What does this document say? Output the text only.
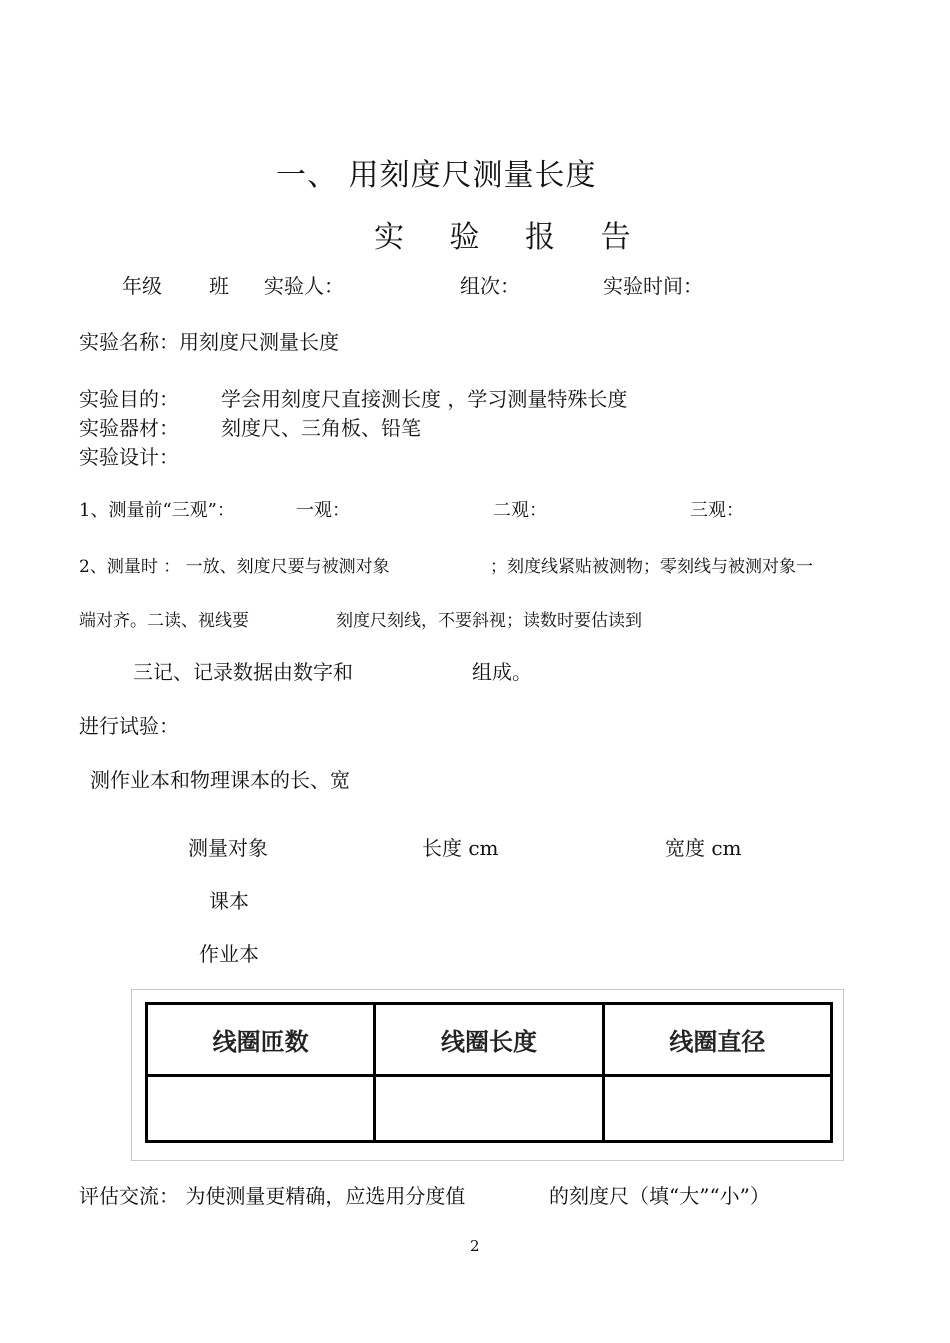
一、 用刻度尺测量长度
实 验 报 告
年级 班 实验人：	组次：	实验时间：
实验名称：用刻度尺测量长度
实验目的： 学会用刻度尺直接测长度 ，学习测量特殊长度
实验器材： 刻度尺、三角板、铅笔
实验设计：
1、测量前“三观”：	一观：	二观：	三观：
2、测量时 ： 一放、刻度尺要与被测对象	；刻度线紧贴被测物；零刻线与被测对象一
端对齐。二读、视线要	刻度尺刻线，不要斜视；读数时要估读到
三记、记录数据由数字和	组成。
进行试验：
测作业本和物理课本的长、宽
测量对象	长度 cm	宽度 cm
课本
作业本
线圈匝数	线圈长度	线圈直径

评估交流： 为使测量更精确，应选用分度值	的刻度尺（填“大”“小”）
2
